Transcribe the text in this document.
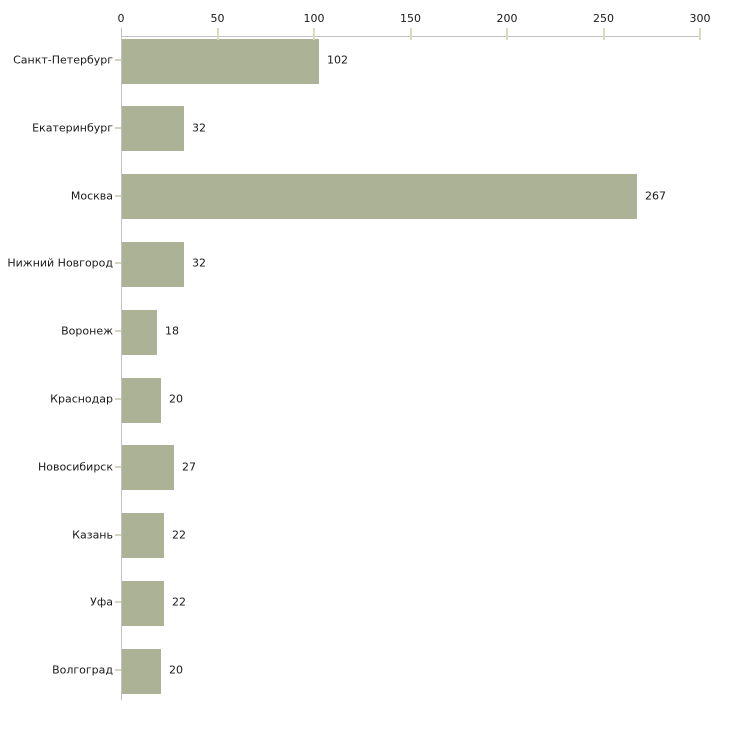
0	50	100	150	200	250	300
Санкт-Петербург	102
Екатеринбург	32
Москва	267
Нижний Новгород	32
Воронеж	18
Краснодар	20
Новосибирск	27
Казань	22
Уфа	22
Волгоград	20
